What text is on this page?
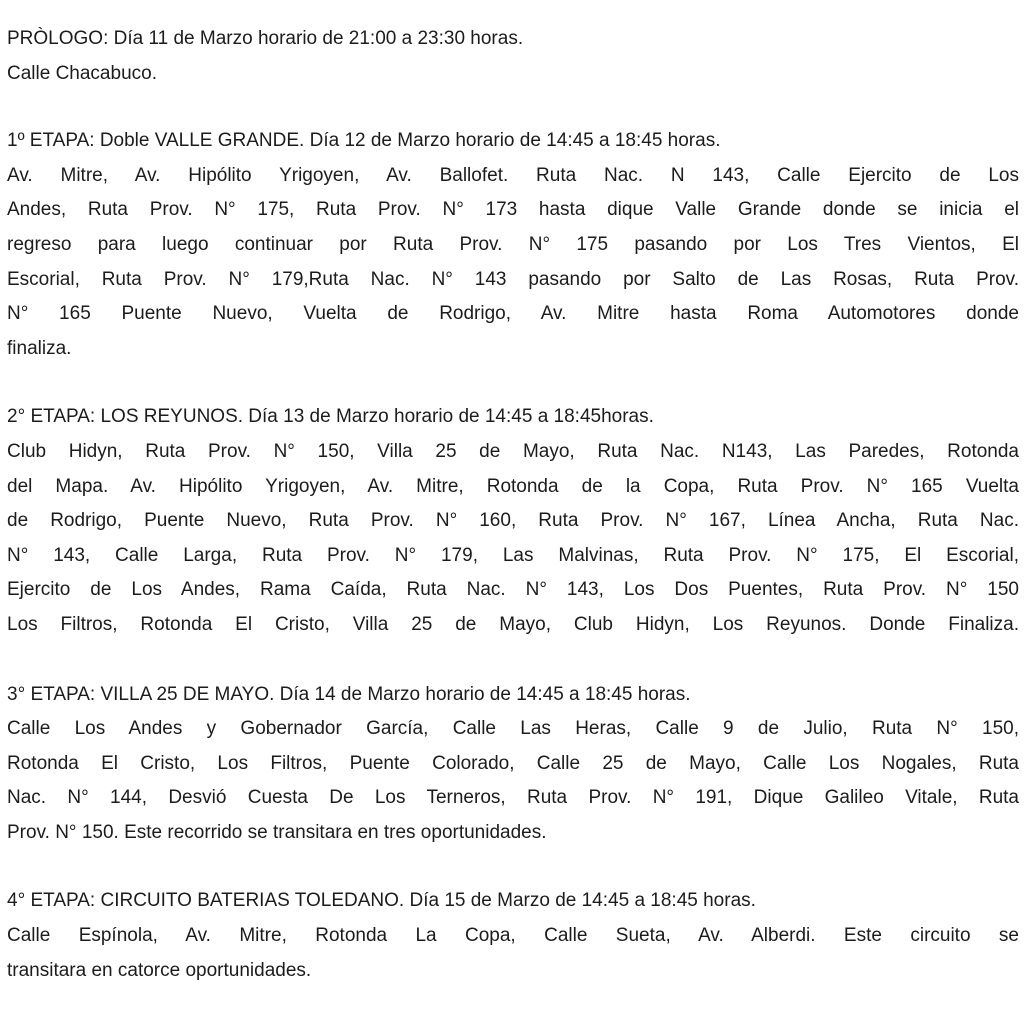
PRÒLOGO: Día 11 de Marzo horario de 21:00 a 23:30 horas.
Calle Chacabuco.
1º ETAPA: Doble VALLE GRANDE. Día 12 de Marzo horario de 14:45 a 18:45 horas.
Av. Mitre, Av. Hipólito Yrigoyen, Av. Ballofet. Ruta Nac. N 143, Calle Ejercito de Los
Andes, Ruta Prov. N° 175, Ruta Prov. N° 173 hasta dique Valle Grande donde se inicia el
regreso para luego continuar por Ruta Prov. N° 175 pasando por Los Tres Vientos, El
Escorial, Ruta Prov. N° 179,Ruta Nac. N° 143 pasando por Salto de Las Rosas, Ruta Prov.
N° 165 Puente Nuevo, Vuelta de Rodrigo, Av. Mitre hasta Roma Automotores donde
finaliza.
2° ETAPA: LOS REYUNOS. Día 13 de Marzo horario de 14:45 a 18:45horas.
Club Hidyn, Ruta Prov. N° 150, Villa 25 de Mayo, Ruta Nac. N143, Las Paredes, Rotonda
del Mapa. Av. Hipólito Yrigoyen, Av. Mitre, Rotonda de la Copa, Ruta Prov. N° 165 Vuelta
de Rodrigo, Puente Nuevo, Ruta Prov. N° 160, Ruta Prov. N° 167, Línea Ancha, Ruta Nac.
N° 143, Calle Larga, Ruta Prov. N° 179, Las Malvinas, Ruta Prov. N° 175, El Escorial,
Ejercito de Los Andes, Rama Caída, Ruta Nac. N° 143, Los Dos Puentes, Ruta Prov. N° 150
Los Filtros, Rotonda El Cristo, Villa 25 de Mayo, Club Hidyn, Los Reyunos. Donde Finaliza.
3° ETAPA: VILLA 25 DE MAYO. Día 14 de Marzo horario de 14:45 a 18:45 horas.
Calle Los Andes y Gobernador García, Calle Las Heras, Calle 9 de Julio, Ruta N° 150,
Rotonda El Cristo, Los Filtros, Puente Colorado, Calle 25 de Mayo, Calle Los Nogales, Ruta
Nac. N° 144, Desvió Cuesta De Los Terneros, Ruta Prov. N° 191, Dique Galileo Vitale, Ruta
Prov. N° 150. Este recorrido se transitara en tres oportunidades.
4° ETAPA: CIRCUITO BATERIAS TOLEDANO. Día 15 de Marzo de 14:45 a 18:45 horas.
Calle Espínola, Av. Mitre, Rotonda La Copa, Calle Sueta, Av. Alberdi. Este circuito se
transitara en catorce oportunidades.
